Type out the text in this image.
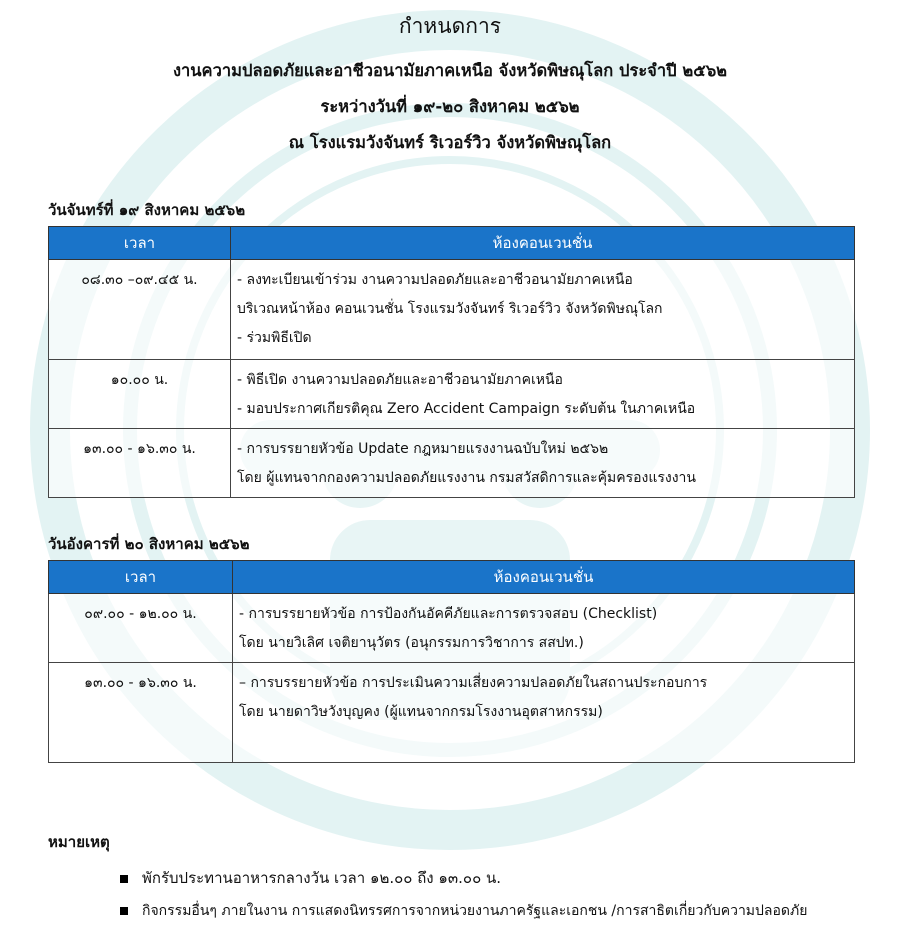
กำหนดการ
งานความปลอดภัยและอาชีวอนามัยภาคเหนือ จังหวัดพิษณุโลก ประจำปี ๒๕๖๒
ระหว่างวันที่ ๑๙-๒๐ สิงหาคม ๒๕๖๒
ณ โรงแรมวังจันทร์ ริเวอร์วิว จังหวัดพิษณุโลก
วันจันทร์ที่ ๑๙ สิงหาคม ๒๕๖๒
เวลา	ห้องคอนเวนชั่น

๐๘.๓๐ –๐๙.๔๕ น.	- ลงทะเบียนเข้าร่วม งานความปลอดภัยและอาชีวอนามัยภาคเหนือ
บริเวณหน้าห้อง คอนเวนชั่น โรงแรมวังจันทร์ ริเวอร์วิว จังหวัดพิษณุโลก
- ร่วมพิธีเปิด

๑๐.๐๐ น.	- พิธีเปิด งานความปลอดภัยและอาชีวอนามัยภาคเหนือ
- มอบประกาศเกียรติคุณ Zero Accident Campaign ระดับต้น ในภาคเหนือ

๑๓.๐๐ - ๑๖.๓๐ น.	- การบรรยายหัวข้อ Update กฎหมายแรงงานฉบับใหม่ ๒๕๖๒
โดย ผู้แทนจากกองความปลอดภัยแรงงาน กรมสวัสดิการและคุ้มครองแรงงาน
วันอังคารที่ ๒๐ สิงหาคม ๒๕๖๒
เวลา	ห้องคอนเวนชั่น

๐๙.๐๐ - ๑๒.๐๐ น.	- การบรรยายหัวข้อ การป้องกันอัคคีภัยและการตรวจสอบ (Checklist)
โดย นายวิเลิศ เจติยานุวัตร (อนุกรรมการวิชาการ สสปท.)

๑๓.๐๐ - ๑๖.๓๐ น.	– การบรรยายหัวข้อ การประเมินความเสี่ยงความปลอดภัยในสถานประกอบการ
โดย นายดาวิษวังบุญคง (ผู้แทนจากกรมโรงงานอุตสาหกรรม)
หมายเหตุ
พักรับประทานอาหารกลางวัน เวลา ๑๒.๐๐ ถึง ๑๓.๐๐ น.
กิจกรรมอื่นๆ ภายในงาน การแสดงนิทรรศการจากหน่วยงานภาครัฐและเอกชน /การสาธิตเกี่ยวกับความปลอดภัย
